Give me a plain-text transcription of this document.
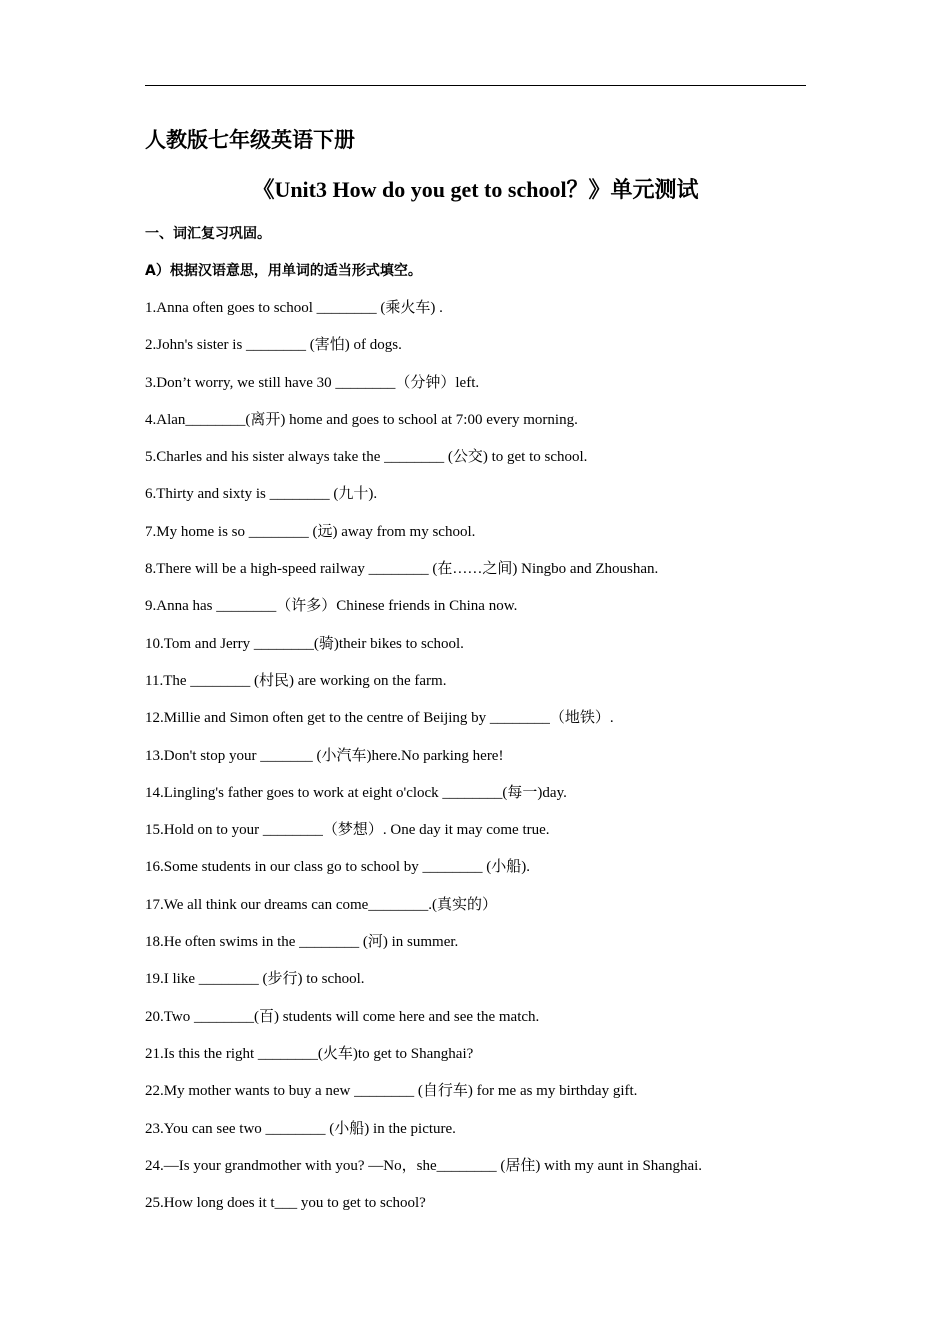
人教版七年级英语下册
《Unit3 How do you get to school？》单元测试
一、词汇复习巩固。
A）根据汉语意思，用单词的适当形式填空。
1.Anna often goes to school ________ (乘火车) .
2.John's sister is ________ (害怕) of dogs.
3.Don’t worry, we still have 30 ________（分钟）left.
4.Alan________(离开) home and goes to school at 7:00 every morning.
5.Charles and his sister always take the ________ (公交) to get to school.
6.Thirty and sixty is ________ (九十).
7.My home is so ________ (远) away from my school.
8.There will be a high-speed railway ________ (在……之间) Ningbo and Zhoushan.
9.Anna has ________（许多）Chinese friends in China now.
10.Tom and Jerry ________(骑)their bikes to school.
11.The ________ (村民) are working on the farm.
12.Millie and Simon often get to the centre of Beijing by ________（地铁）.
13.Don't stop your _______ (小汽车)here.No parking here!
14.Lingling's father goes to work at eight o'clock ________(每一)day.
15.Hold on to your ________（梦想）. One day it may come true.
16.Some students in our class go to school by ________ (小船).
17.We all think our dreams can come________.(真实的）
18.He often swims in the ________ (河) in summer.
19.I like ________ (步行) to school.
20.Two ________(百) students will come here and see the match.
21.Is this the right ________(火车)to get to Shanghai?
22.My mother wants to buy a new ________ (自行车) for me as my birthday gift.
23.You can see two ________ (小船) in the picture.
24.—Is your grandmother with you? —No，she________ (居住) with my aunt in Shanghai.
25.How long does it t___ you to get to school?
